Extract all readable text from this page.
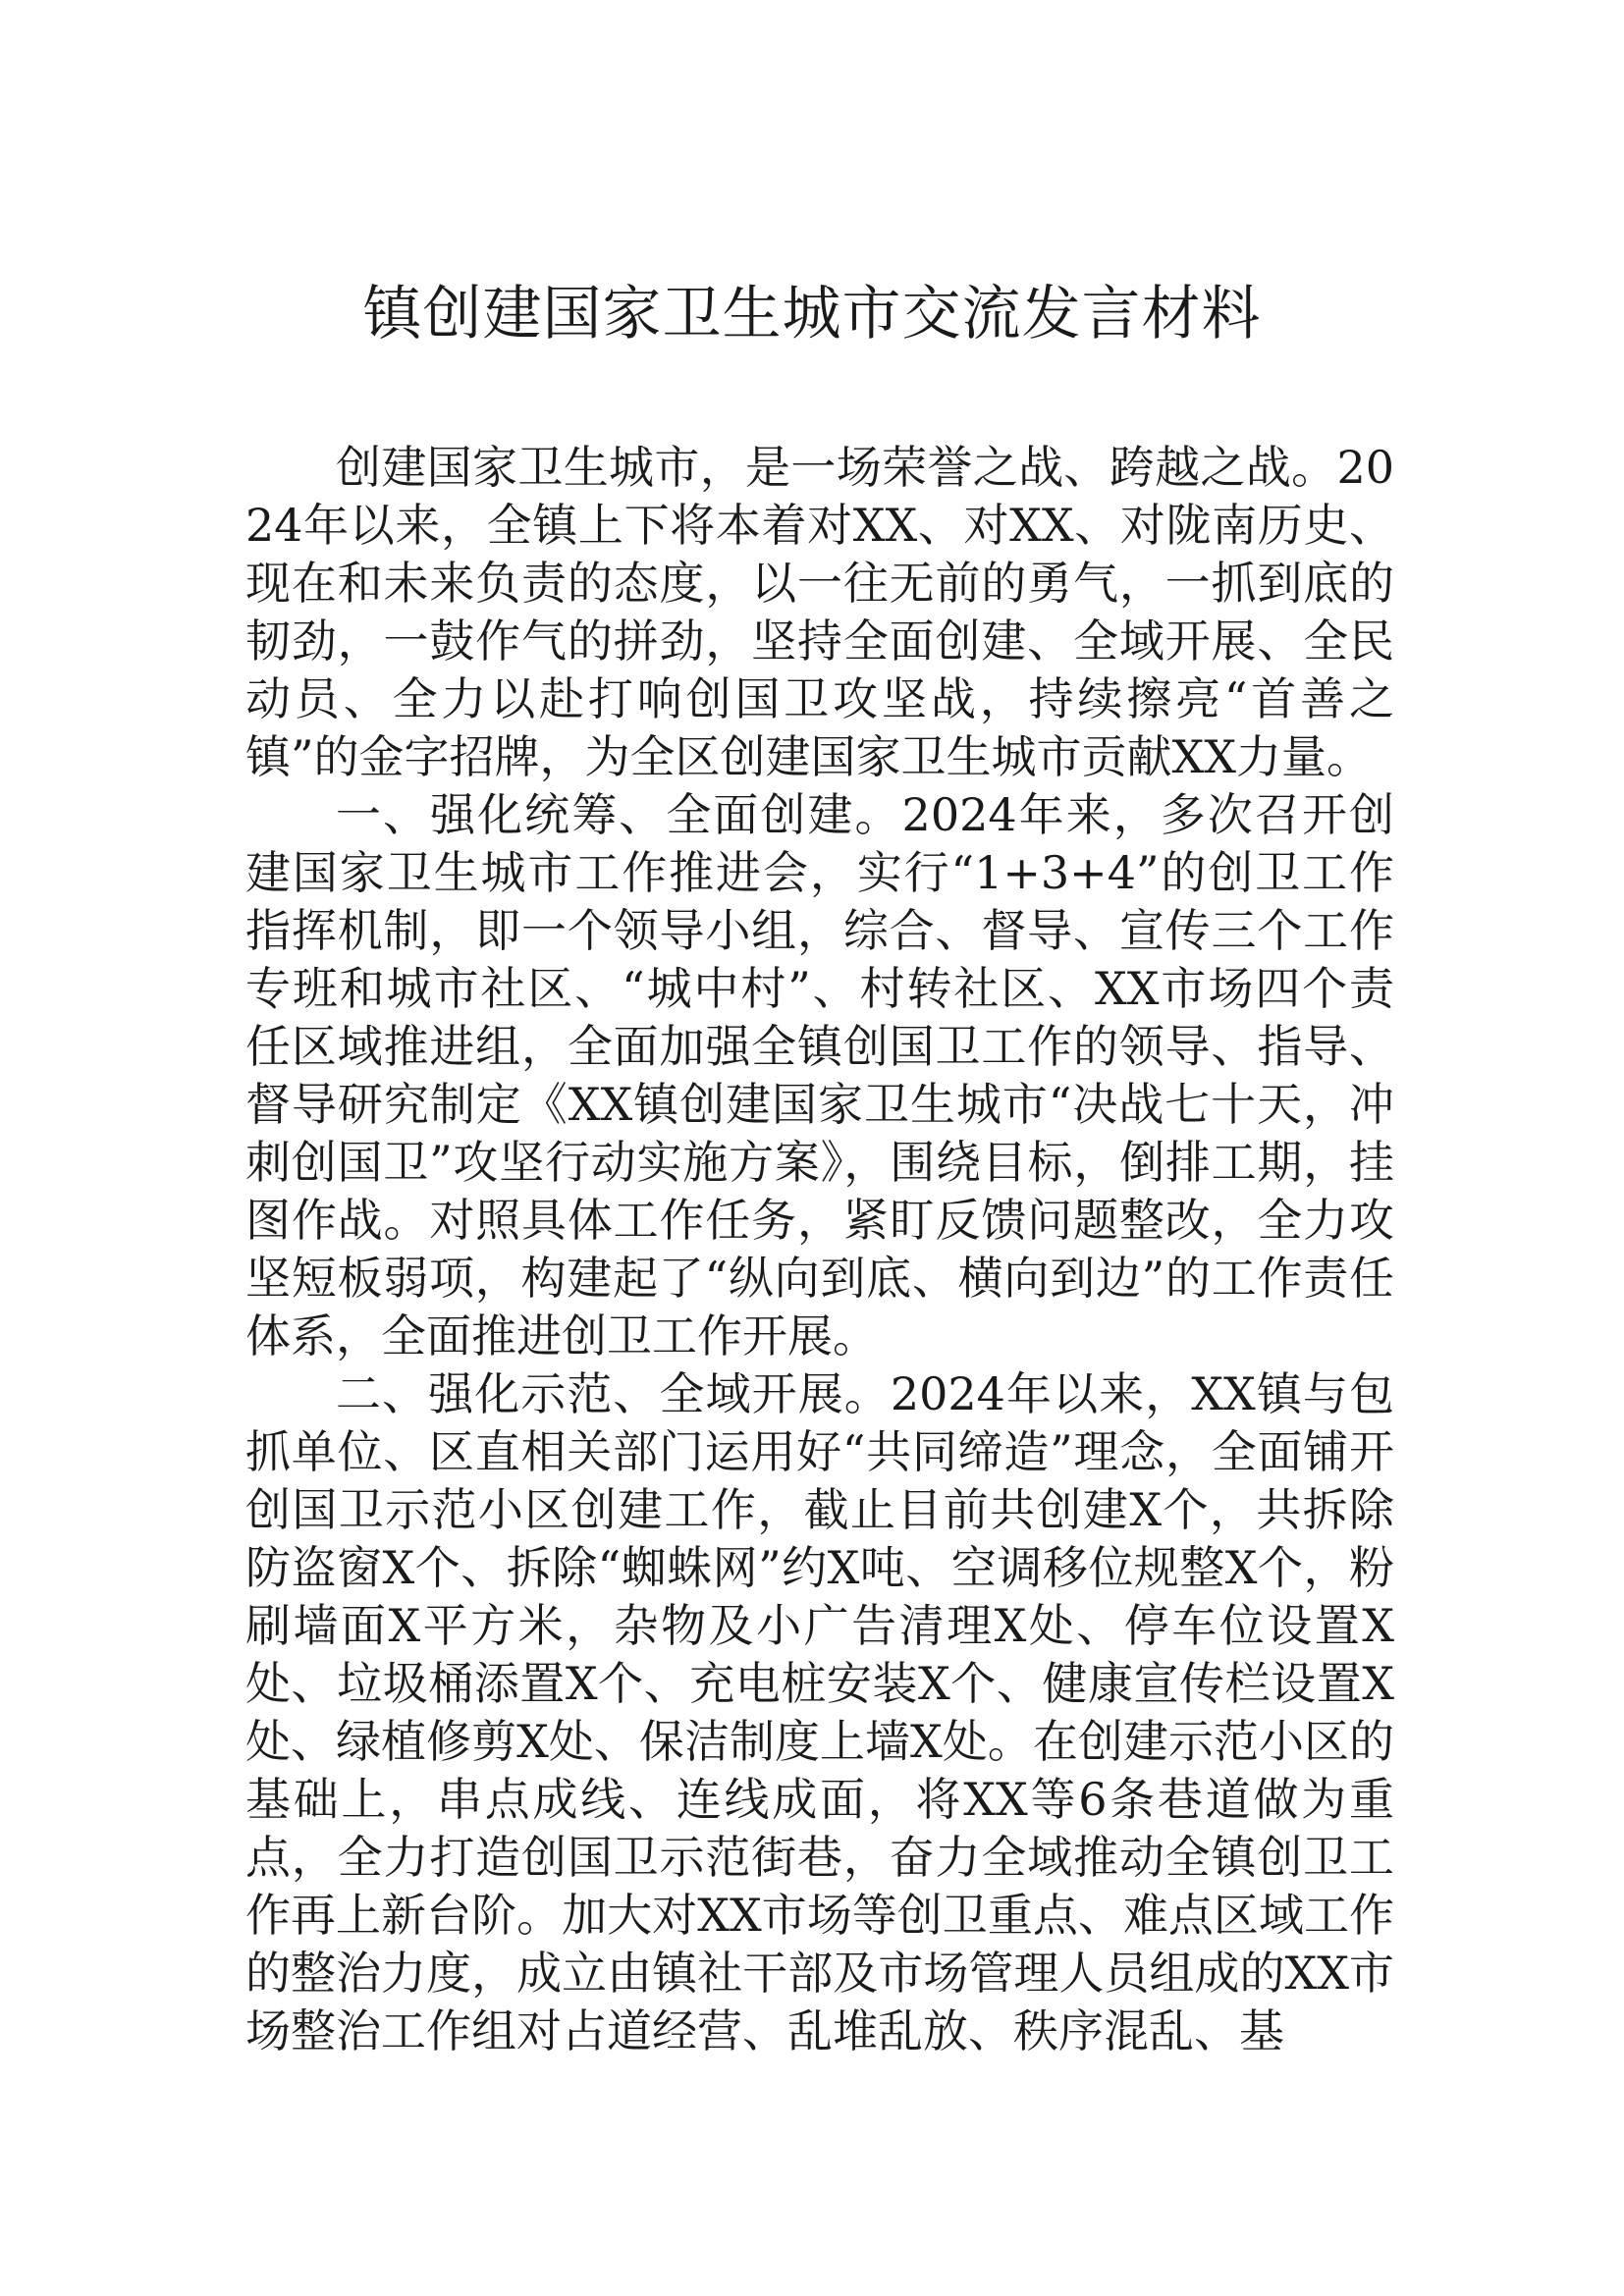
镇创建国家卫生城市交流发言材料

创建国家卫生城市，是一场荣誉之战、跨越之战。2024年以来，全镇上下将本着对XX、对XX、对陇南历史、现在和未来负责的态度，以一往无前的勇气，一抓到底的韧劲，一鼓作气的拼劲，坚持全面创建、全域开展、全民动员、全力以赴打响创国卫攻坚战，持续擦亮“首善之镇”的金字招牌，为全区创建国家卫生城市贡献XX力量。

一、强化统筹、全面创建。2024年来，多次召开创建国家卫生城市工作推进会，实行“1+3+4”的创卫工作指挥机制，即一个领导小组，综合、督导、宣传三个工作专班和城市社区、“城中村”、村转社区、XX市场四个责任区域推进组，全面加强全镇创国卫工作的领导、指导、督导研究制定《XX镇创建国家卫生城市“决战七十天，冲刺创国卫”攻坚行动实施方案》，围绕目标，倒排工期，挂图作战。对照具体工作任务，紧盯反馈问题整改，全力攻坚短板弱项，构建起了“纵向到底、横向到边”的工作责任体系，全面推进创卫工作开展。

二、强化示范、全域开展。2024年以来，XX镇与包抓单位、区直相关部门运用好“共同缔造”理念，全面铺开创国卫示范小区创建工作，截止目前共创建X个，共拆除防盗窗X个、拆除“蜘蛛网”约X吨、空调移位规整X个，粉刷墙面X平方米，杂物及小广告清理X处、停车位设置X处、垃圾桶添置X个、充电桩安装X个、健康宣传栏设置X处、绿植修剪X处、保洁制度上墙X处。在创建示范小区的基础上，串点成线、连线成面，将XX等6条巷道做为重点，全力打造创国卫示范街巷，奋力全域推动全镇创卫工作再上新台阶。加大对XX市场等创卫重点、难点区域工作的整治力度，成立由镇社干部及市场管理人员组成的XX市场整治工作组对占道经营、乱堆乱放、秩序混乱、基
